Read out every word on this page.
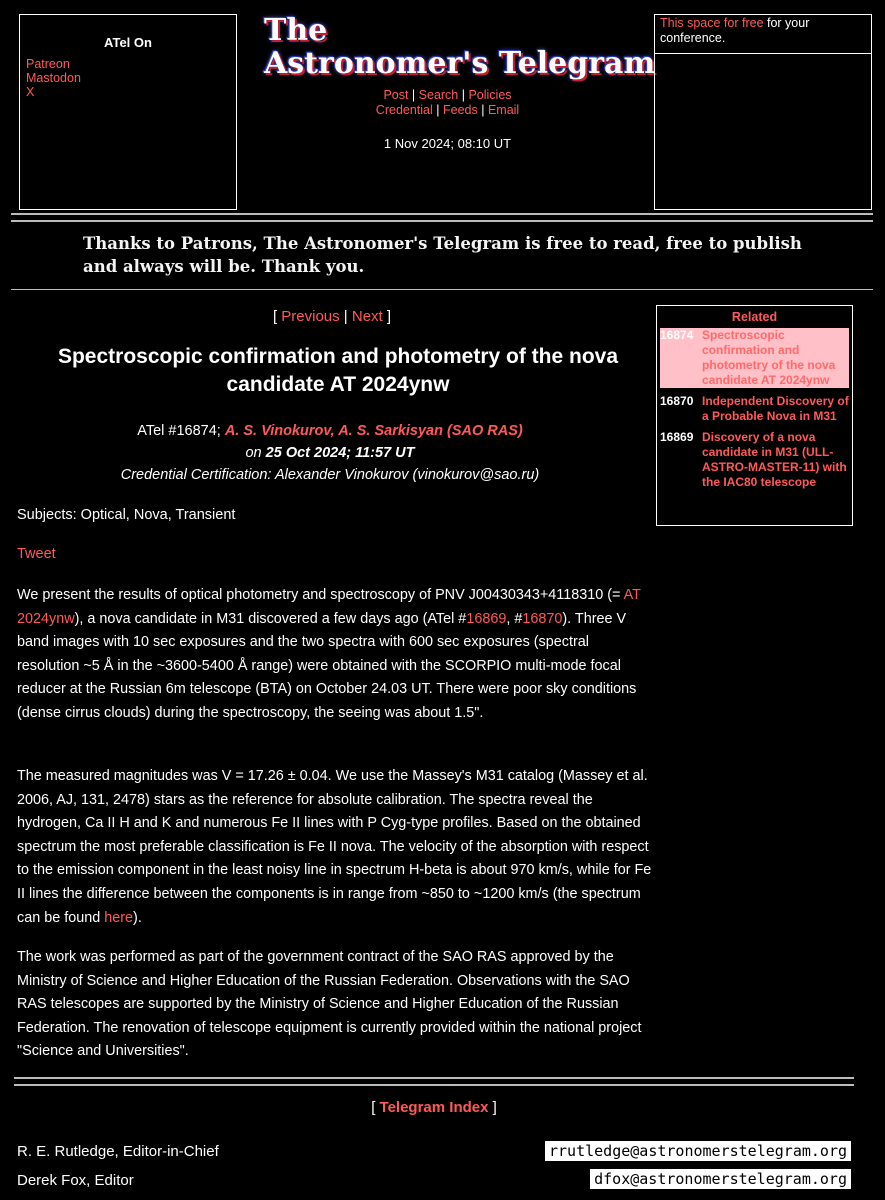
ATel On
Patreon
Mastodon
X
The
Astronomer's Telegram
Post | Search | Policies
Credential | Feeds | Email
1 Nov 2024; 08:10 UT
This space for free for your conference.
Thanks to Patrons, The Astronomer's Telegram is free to read, free to publish and always will be. Thank you.
[ Previous | Next ]
Spectroscopic confirmation and photometry of the nova candidate AT 2024ynw
ATel #16874; A. S. Vinokurov, A. S. Sarkisyan (SAO RAS)
on 25 Oct 2024; 11:57 UT
Credential Certification: Alexander Vinokurov (vinokurov@sao.ru)
Subjects: Optical, Nova, Transient
Tweet
We present the results of optical photometry and spectroscopy of PNV J00430343+4118310 (= AT 2024ynw), a nova candidate in M31 discovered a few days ago (ATel #16869, #16870). Three V band images with 10 sec exposures and the two spectra with 600 sec exposures (spectral resolution ~5 Å in the ~3600-5400 Å range) were obtained with the SCORPIO multi-mode focal reducer at the Russian 6m telescope (BTA) on October 24.03 UT. There were poor sky conditions (dense cirrus clouds) during the spectroscopy, the seeing was about 1.5".
The measured magnitudes was V = 17.26 ± 0.04. We use the Massey's M31 catalog (Massey et al. 2006, AJ, 131, 2478) stars as the reference for absolute calibration. The spectra reveal the hydrogen, Ca II H and K and numerous Fe II lines with P Cyg-type profiles. Based on the obtained spectrum the most preferable classification is Fe II nova. The velocity of the absorption with respect to the emission component in the least noisy line in spectrum H-beta is about 970 km/s, while for Fe II lines the difference between the components is in range from ~850 to ~1200 km/s (the spectrum can be found here).
The work was performed as part of the government contract of the SAO RAS approved by the Ministry of Science and Higher Education of the Russian Federation. Observations with the SAO RAS telescopes are supported by the Ministry of Science and Higher Education of the Russian Federation. The renovation of telescope equipment is currently provided within the national project "Science and Universities".
Related
16874 Spectroscopic confirmation and photometry of the nova candidate AT 2024ynw
16870 Independent Discovery of a Probable Nova in M31
16869 Discovery of a nova candidate in M31 (ULL-ASTRO-MASTER-11) with the IAC80 telescope
[ Telegram Index ]
R. E. Rutledge, Editor-in-Chief	rrutledge@astronomerstelegram.org
Derek Fox, Editor	dfox@astronomerstelegram.org
